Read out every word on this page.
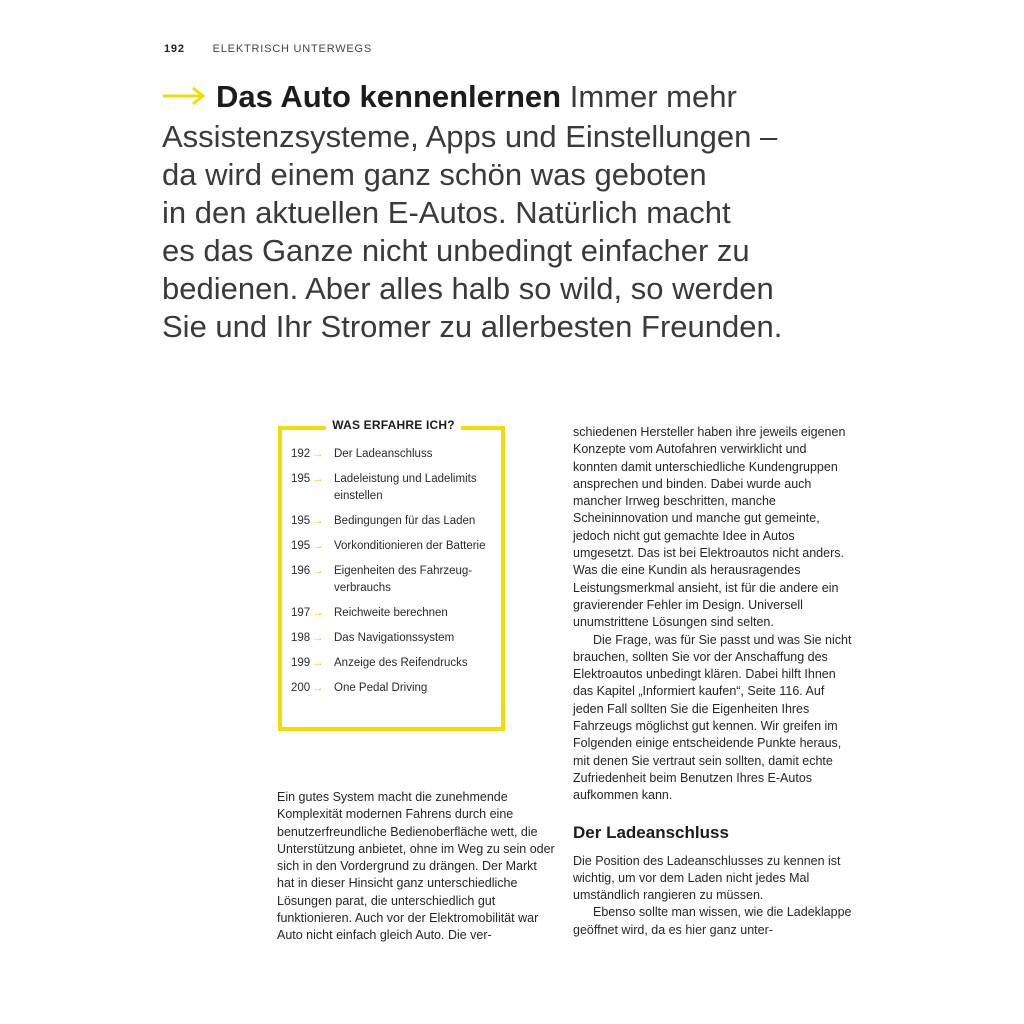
192	ELEKTRISCH UNTERWEGS
Das Auto kennenlernen Immer mehr
Assistenzsysteme, Apps und Einstellungen –
da wird einem ganz schön was geboten
in den aktuellen E-Autos. Natürlich macht
es das Ganze nicht unbedingt einfacher zu
bedienen. Aber alles halb so wild, so werden
Sie und Ihr Stromer zu allerbesten Freunden.
WAS ERFAHRE ICH?
192 → Der Ladeanschluss
195 → Ladeleistung und Ladelimits einstellen
195 → Bedingungen für das Laden
195 → Vorkonditionieren der Batterie
196 → Eigenheiten des Fahrzeug-verbrauchs
197 → Reichweite berechnen
198 → Das Navigationssystem
199 → Anzeige des Reifendrucks
200 → One Pedal Driving

Ein gutes System macht die zunehmende Komplexität modernen Fahrens durch eine benutzerfreundliche Bedienoberfläche wett, die Unterstützung anbietet, ohne im Weg zu sein oder sich in den Vordergrund zu drängen. Der Markt hat in dieser Hinsicht ganz unterschiedliche Lösungen parat, die unterschiedlich gut funktionieren. Auch vor der Elektromobilität war Auto nicht einfach gleich Auto. Die ver-

schiedenen Hersteller haben ihre jeweils eigenen Konzepte vom Autofahren verwirklicht und konnten damit unterschiedliche Kundengruppen ansprechen und binden. Dabei wurde auch mancher Irrweg beschritten, manche Scheininnovation und manche gut gemeinte, jedoch nicht gut gemachte Idee in Autos umgesetzt. Das ist bei Elektroautos nicht anders. Was die eine Kundin als herausragendes Leistungsmerkmal ansieht, ist für die andere ein gravierender Fehler im Design. Universell unumstrittene Lösungen sind selten.

Die Frage, was für Sie passt und was Sie nicht brauchen, sollten Sie vor der Anschaffung des Elektroautos unbedingt klären. Dabei hilft Ihnen das Kapitel „Informiert kaufen“, Seite 116. Auf jeden Fall sollten Sie die Eigenheiten Ihres Fahrzeugs möglichst gut kennen. Wir greifen im Folgenden einige entscheidende Punkte heraus, mit denen Sie vertraut sein sollten, damit echte Zufriedenheit beim Benutzen Ihres E-Autos aufkommen kann.

Der Ladeanschluss

Die Position des Ladeanschlusses zu kennen ist wichtig, um vor dem Laden nicht jedes Mal umständlich rangieren zu müssen.

Ebenso sollte man wissen, wie die Ladeklappe geöffnet wird, da es hier ganz unter-
